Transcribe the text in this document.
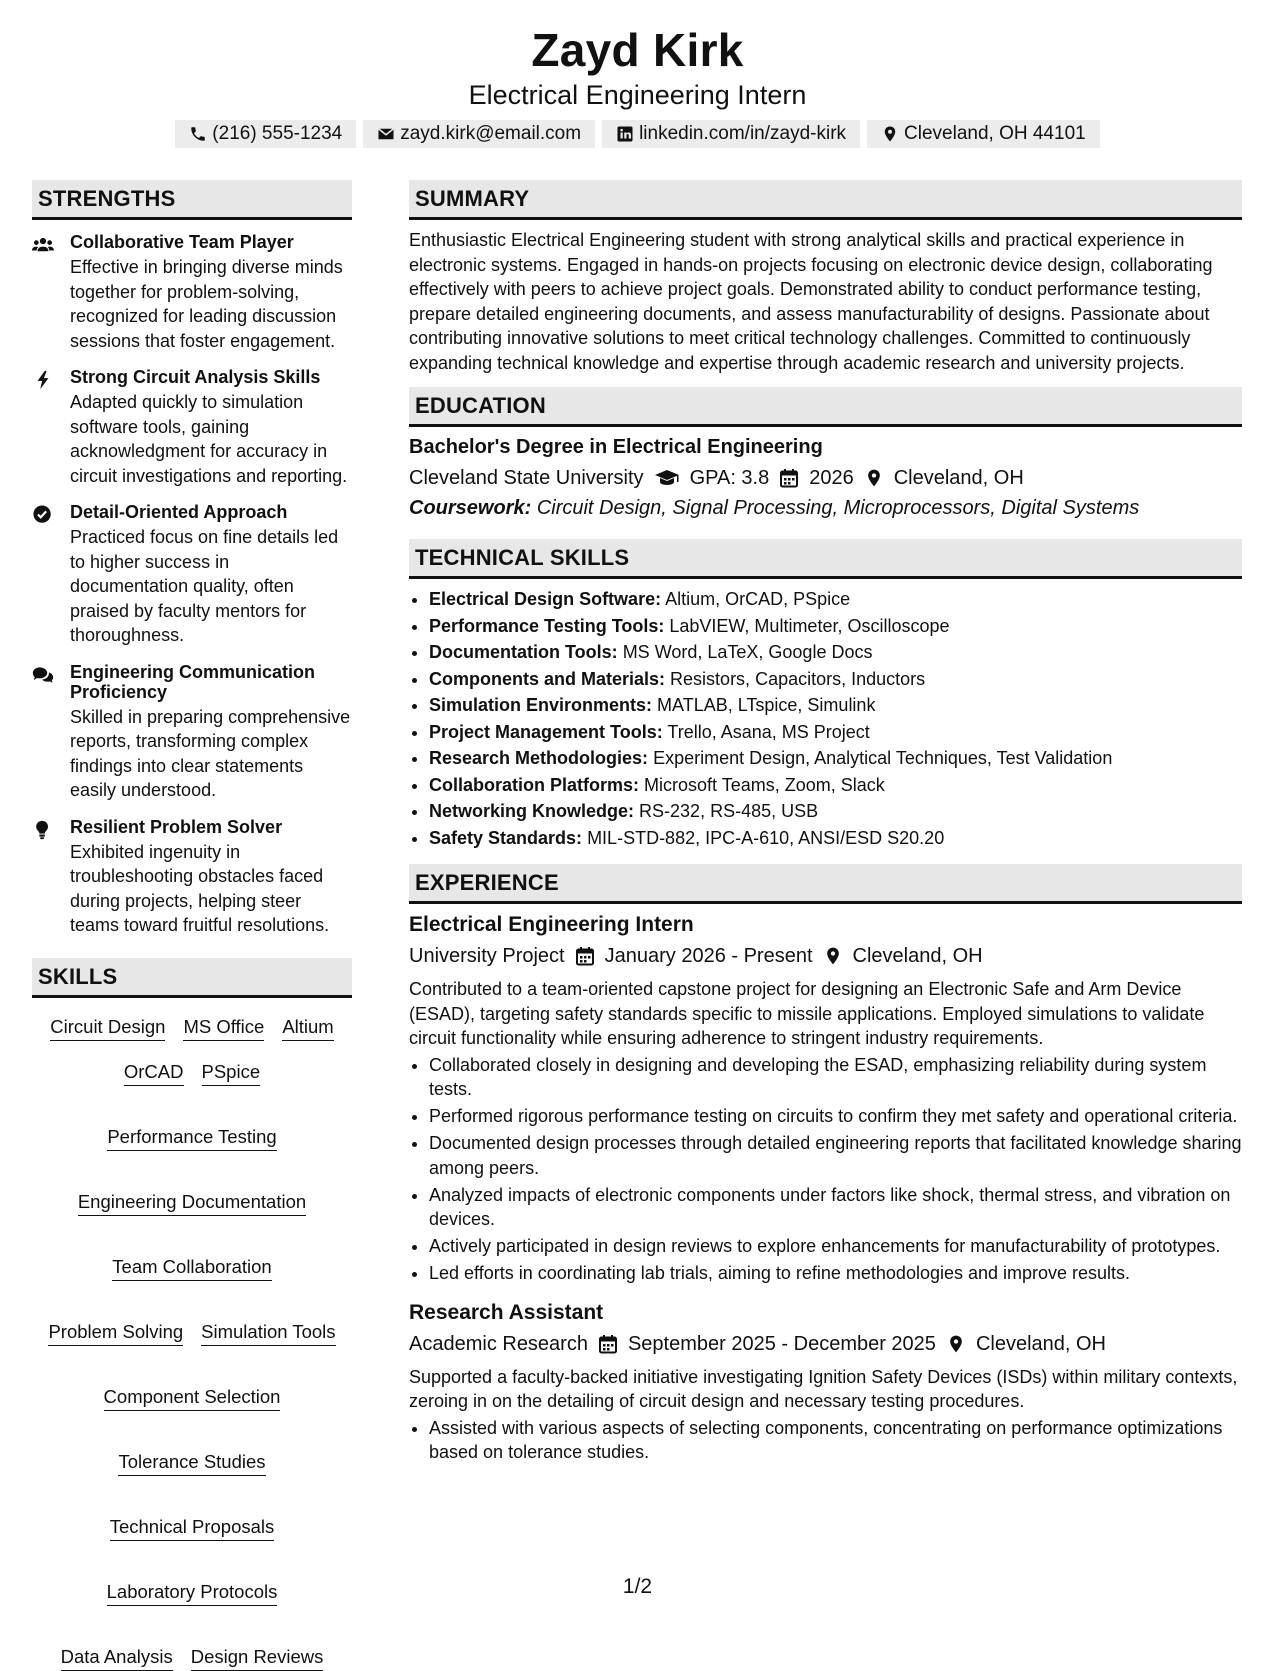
Zayd Kirk
Electrical Engineering Intern
(216) 555-1234	zayd.kirk@email.com	linkedin.com/in/zayd-kirk	Cleveland, OH 44101
STRENGTHS
Collaborative Team Player
Effective in bringing diverse minds together for problem-solving, recognized for leading discussion sessions that foster engagement.
Strong Circuit Analysis Skills
Adapted quickly to simulation software tools, gaining acknowledgment for accuracy in circuit investigations and reporting.
Detail-Oriented Approach
Practiced focus on fine details led to higher success in documentation quality, often praised by faculty mentors for thoroughness.
Engineering Communication Proficiency
Skilled in preparing comprehensive reports, transforming complex findings into clear statements easily understood.
Resilient Problem Solver
Exhibited ingenuity in troubleshooting obstacles faced during projects, helping steer teams toward fruitful resolutions.
SKILLS
Circuit Design MS Office Altium
OrCAD PSpice
Performance Testing
Engineering Documentation
Team Collaboration
Problem Solving Simulation Tools
Component Selection
Tolerance Studies
Technical Proposals
Laboratory Protocols
Data Analysis Design Reviews
SUMMARY

Enthusiastic Electrical Engineering student with strong analytical skills and practical experience in electronic systems. Engaged in hands-on projects focusing on electronic device design, collaborating effectively with peers to achieve project goals. Demonstrated ability to conduct performance testing, prepare detailed engineering documents, and assess manufacturability of designs. Passionate about contributing innovative solutions to meet critical technology challenges. Committed to continuously expanding technical knowledge and expertise through academic research and university projects.

EDUCATION
Bachelor's Degree in Electrical Engineering
Cleveland State University GPA: 3.8 2026 Cleveland, OH
Coursework: Circuit Design, Signal Processing, Microprocessors, Digital Systems
TECHNICAL SKILLS
• Electrical Design Software: Altium, OrCAD, PSpice
• Performance Testing Tools: LabVIEW, Multimeter, Oscilloscope
• Documentation Tools: MS Word, LaTeX, Google Docs
• Components and Materials: Resistors, Capacitors, Inductors
• Simulation Environments: MATLAB, LTspice, Simulink
• Project Management Tools: Trello, Asana, MS Project
• Research Methodologies: Experiment Design, Analytical Techniques, Test Validation
• Collaboration Platforms: Microsoft Teams, Zoom, Slack
• Networking Knowledge: RS-232, RS-485, USB
• Safety Standards: MIL-STD-882, IPC-A-610, ANSI/ESD S20.20
EXPERIENCE
Electrical Engineering Intern
University Project January 2026 - Present Cleveland, OH

Contributed to a team-oriented capstone project for designing an Electronic Safe and Arm Device (ESAD), targeting safety standards specific to missile applications. Employed simulations to validate circuit functionality while ensuring adherence to stringent industry requirements.

• Collaborated closely in designing and developing the ESAD, emphasizing reliability during system tests.
• Performed rigorous performance testing on circuits to confirm they met safety and operational criteria.
• Documented design processes through detailed engineering reports that facilitated knowledge sharing among peers.
• Analyzed impacts of electronic components under factors like shock, thermal stress, and vibration on devices.
• Actively participated in design reviews to explore enhancements for manufacturability of prototypes.
• Led efforts in coordinating lab trials, aiming to refine methodologies and improve results.
Research Assistant
Academic Research September 2025 - December 2025 Cleveland, OH

Supported a faculty-backed initiative investigating Ignition Safety Devices (ISDs) within military contexts, zeroing in on the detailing of circuit design and necessary testing procedures.

• Assisted with various aspects of selecting components, concentrating on performance optimizations based on tolerance studies.
1/2
